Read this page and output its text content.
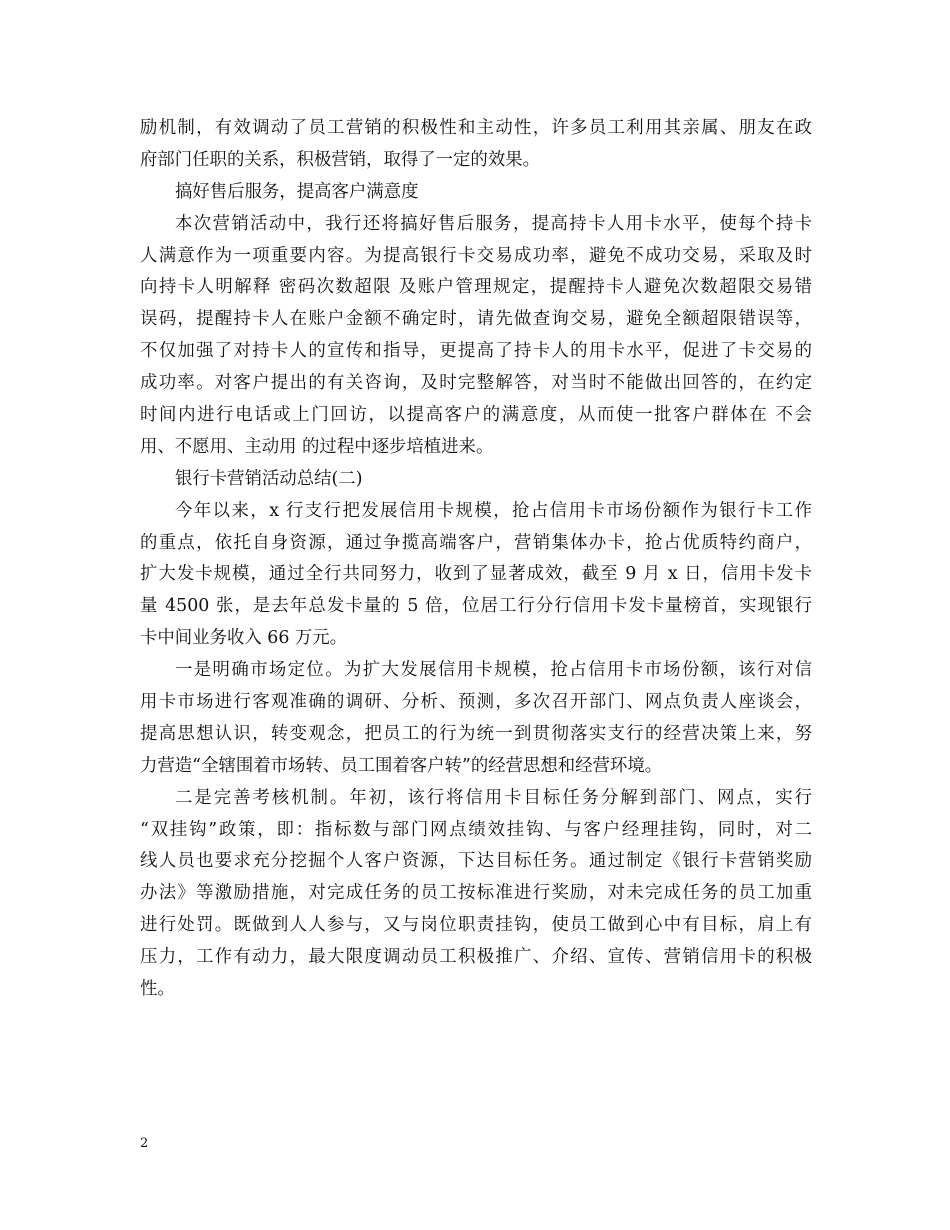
励机制，有效调动了员工营销的积极性和主动性，许多员工利用其亲属、朋友在政
府部门任职的关系，积极营销，取得了一定的效果。
搞好售后服务，提高客户满意度
本次营销活动中，我行还将搞好售后服务，提高持卡人用卡水平，使每个持卡
人满意作为一项重要内容。为提高银行卡交易成功率，避免不成功交易，采取及时
向持卡人明解释 密码次数超限 及账户管理规定，提醒持卡人避免次数超限交易错
误码，提醒持卡人在账户金额不确定时，请先做查询交易，避免全额超限错误等，
不仅加强了对持卡人的宣传和指导，更提高了持卡人的用卡水平，促进了卡交易的
成功率。对客户提出的有关咨询，及时完整解答，对当时不能做出回答的，在约定
时间内进行电话或上门回访，以提高客户的满意度，从而使一批客户群体在 不会
用、不愿用、主动用 的过程中逐步培植进来。
银行卡营销活动总结(二)
今年以来，x 行支行把发展信用卡规模，抢占信用卡市场份额作为银行卡工作
的重点，依托自身资源，通过争揽高端客户，营销集体办卡，抢占优质特约商户，
扩大发卡规模，通过全行共同努力，收到了显著成效，截至 9 月 x 日，信用卡发卡
量 4500 张，是去年总发卡量的 5 倍，位居工行分行信用卡发卡量榜首，实现银行
卡中间业务收入 66 万元。
一是明确市场定位。为扩大发展信用卡规模，抢占信用卡市场份额，该行对信
用卡市场进行客观准确的调研、分析、预测，多次召开部门、网点负责人座谈会，
提高思想认识，转变观念，把员工的行为统一到贯彻落实支行的经营决策上来，努
力营造“全辖围着市场转、员工围着客户转”的经营思想和经营环境。
二是完善考核机制。年初，该行将信用卡目标任务分解到部门、网点，实行
“双挂钩”政策，即：指标数与部门网点绩效挂钩、与客户经理挂钩，同时，对二
线人员也要求充分挖掘个人客户资源，下达目标任务。通过制定《银行卡营销奖励
办法》等激励措施，对完成任务的员工按标准进行奖励，对未完成任务的员工加重
进行处罚。既做到人人参与，又与岗位职责挂钩，使员工做到心中有目标，肩上有
压力，工作有动力，最大限度调动员工积极推广、介绍、宣传、营销信用卡的积极
性。
2
